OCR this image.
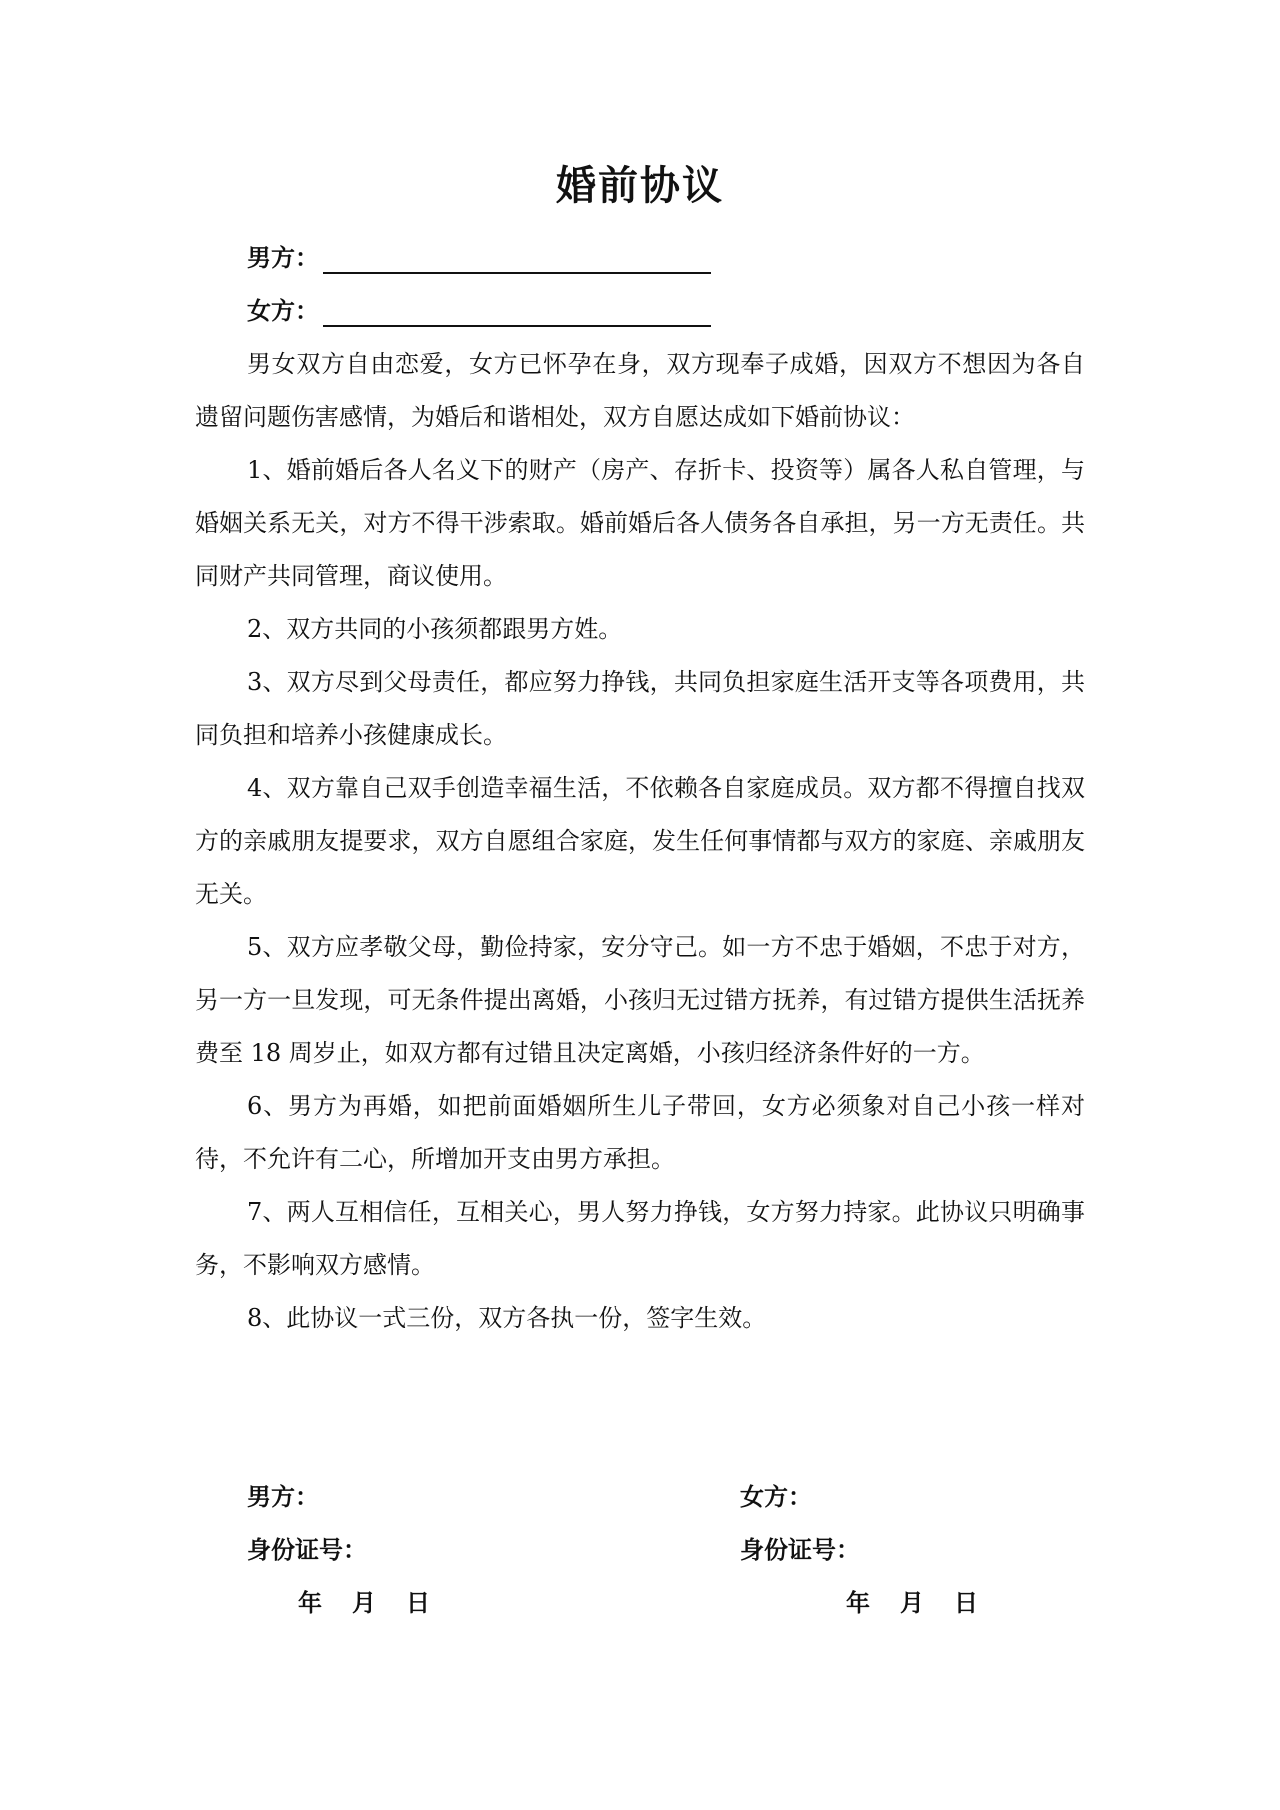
婚前协议
男方：
女方：

男女双方自由恋爱，女方已怀孕在身，双方现奉子成婚，因双方不想因为各自遗留问题伤害感情，为婚后和谐相处，双方自愿达成如下婚前协议：

1、婚前婚后各人名义下的财产（房产、存折卡、投资等）属各人私自管理，与婚姻关系无关，对方不得干涉索取。婚前婚后各人债务各自承担，另一方无责任。共同财产共同管理，商议使用。

2、双方共同的小孩须都跟男方姓。

3、双方尽到父母责任，都应努力挣钱，共同负担家庭生活开支等各项费用，共同负担和培养小孩健康成长。

4、双方靠自己双手创造幸福生活，不依赖各自家庭成员。双方都不得擅自找双方的亲戚朋友提要求，双方自愿组合家庭，发生任何事情都与双方的家庭、亲戚朋友无关。

5、双方应孝敬父母，勤俭持家，安分守己。如一方不忠于婚姻，不忠于对方，另一方一旦发现，可无条件提出离婚，小孩归无过错方抚养，有过错方提供生活抚养费至 18 周岁止，如双方都有过错且决定离婚，小孩归经济条件好的一方。

6、男方为再婚，如把前面婚姻所生儿子带回，女方必须象对自己小孩一样对待，不允许有二心，所增加开支由男方承担。

7、两人互相信任，互相关心，男人努力挣钱，女方努力持家。此协议只明确事务，不影响双方感情。

8、此协议一式三份，双方各执一份，签字生效。

男方：
身份证号：
年 月 日
女方：
身份证号：
年 月 日
